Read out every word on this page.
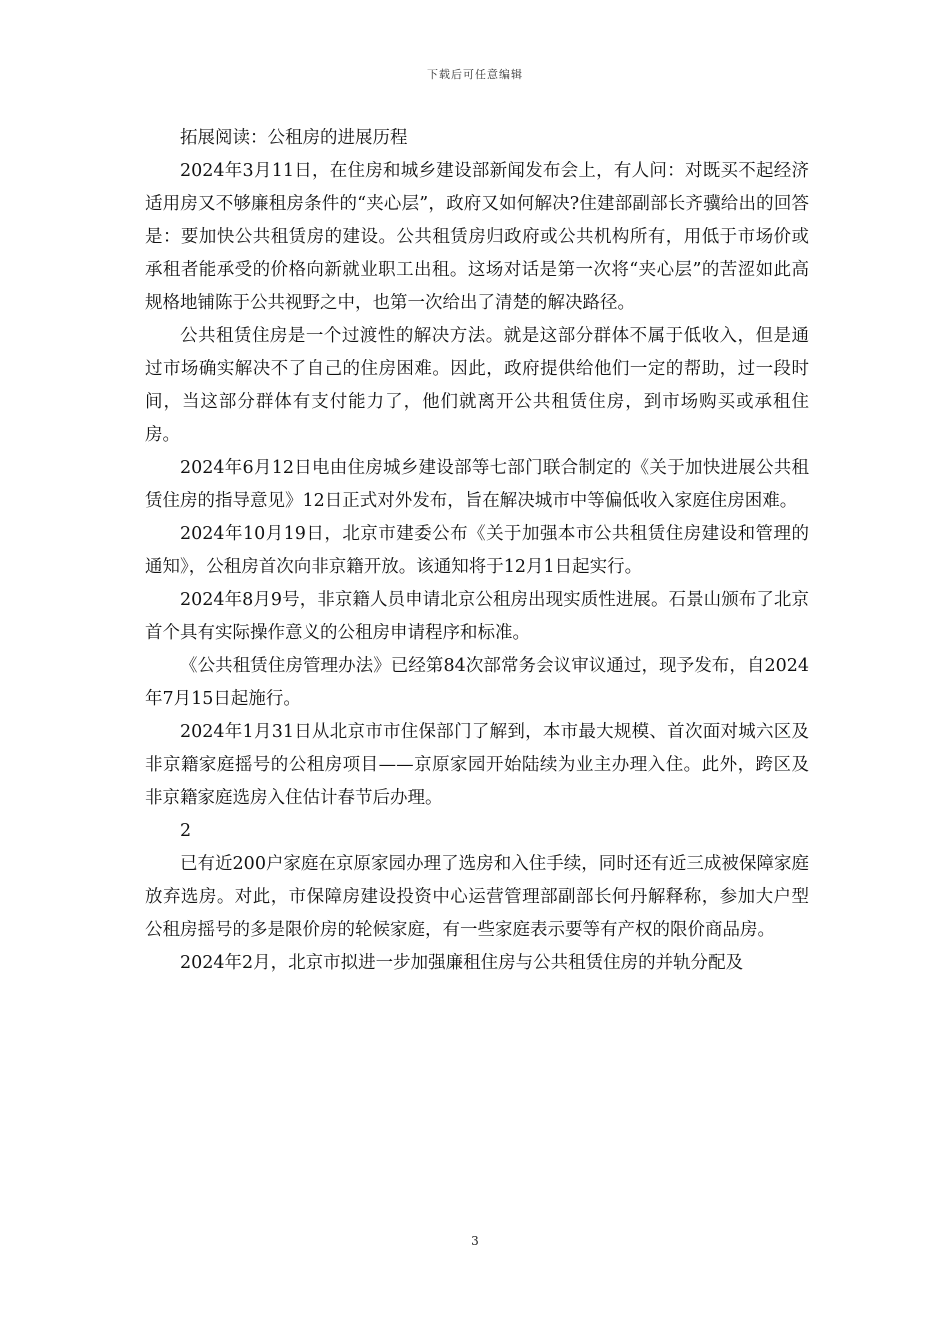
下载后可任意编辑

拓展阅读：公租房的进展历程

2024年3月11日，在住房和城乡建设部新闻发布会上，有人问：对既买不起经济适用房又不够廉租房条件的“夹心层”，政府又如何解决?住建部副部长齐骥给出的回答是：要加快公共租赁房的建设。公共租赁房归政府或公共机构所有，用低于市场价或承租者能承受的价格向新就业职工出租。这场对话是第一次将“夹心层”的苦涩如此高规格地铺陈于公共视野之中，也第一次给出了清楚的解决路径。

公共租赁住房是一个过渡性的解决方法。就是这部分群体不属于低收入，但是通过市场确实解决不了自己的住房困难。因此，政府提供给他们一定的帮助，过一段时间，当这部分群体有支付能力了，他们就离开公共租赁住房，到市场购买或承租住房。

2024年6月12日电由住房城乡建设部等七部门联合制定的《关于加快进展公共租赁住房的指导意见》12日正式对外发布，旨在解决城市中等偏低收入家庭住房困难。

2024年10月19日，北京市建委公布《关于加强本市公共租赁住房建设和管理的通知》，公租房首次向非京籍开放。该通知将于12月1日起实行。

2024年8月9号，非京籍人员申请北京公租房出现实质性进展。石景山颁布了北京首个具有实际操作意义的公租房申请程序和标准。

《公共租赁住房管理办法》已经第84次部常务会议审议通过，现予发布，自2024年7月15日起施行。

2024年1月31日从北京市市住保部门了解到，本市最大规模、首次面对城六区及非京籍家庭摇号的公租房项目——京原家园开始陆续为业主办理入住。此外，跨区及非京籍家庭选房入住估计春节后办理。

2

已有近200户家庭在京原家园办理了选房和入住手续，同时还有近三成被保障家庭放弃选房。对此，市保障房建设投资中心运营管理部副部长何丹解释称，参加大户型公租房摇号的多是限价房的轮候家庭，有一些家庭表示要等有产权的限价商品房。

2024年2月，北京市拟进一步加强廉租住房与公共租赁住房的并轨分配及

3
